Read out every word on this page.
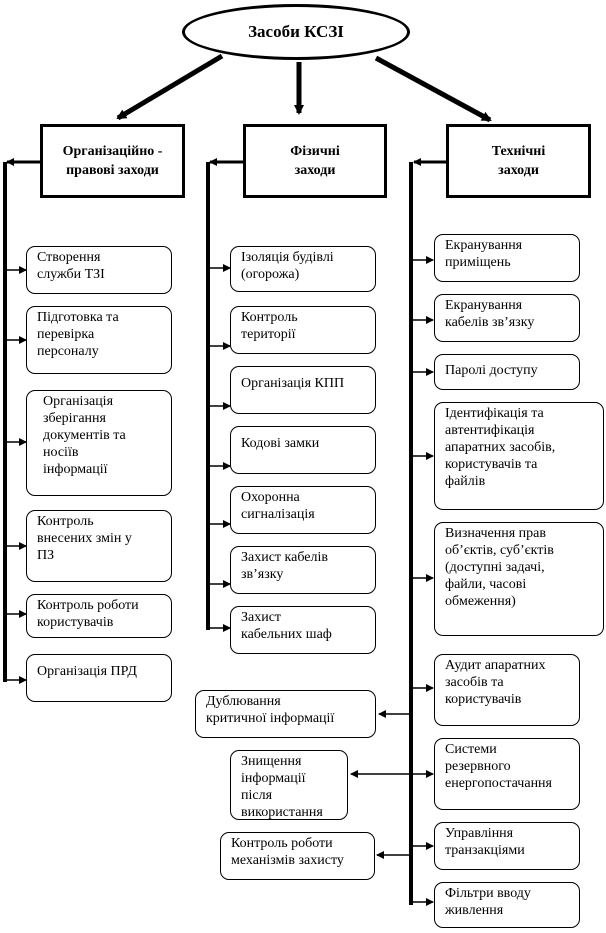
Засоби КСЗІ
Організаційно -
правові заходи
Фізичні
заходи
Технічні
заходи
Створення
служби ТЗІ
Підготовка та
перевірка
персоналу
Організація
зберігання
документів та
носіїв
інформації
Контроль
внесених змін у
ПЗ
Контроль роботи
користувачів
Організація ПРД
Ізоляція будівлі
(огорожа)
Контроль
території
Організація КПП
Кодові замки
Охоронна
сигналізація
Захист кабелів
зв’язку
Захист
кабельних шаф
Екранування
приміщень
Екранування
кабелів зв’язку
Паролі доступу
Ідентифікація та
автентифікація
апаратних засобів,
користувачів та
файлів
Визначення прав
об’єктів, суб’єктів
(доступні задачі,
файли, часові
обмеження)
Аудит апаратних
засобів та
користувачів
Системи
резервного
енергопостачання
Управління
транзакціями
Фільтри вводу
живлення
Дублювання
критичної інформації
Знищення
інформації після
використання
Контроль роботи
механізмів захисту
